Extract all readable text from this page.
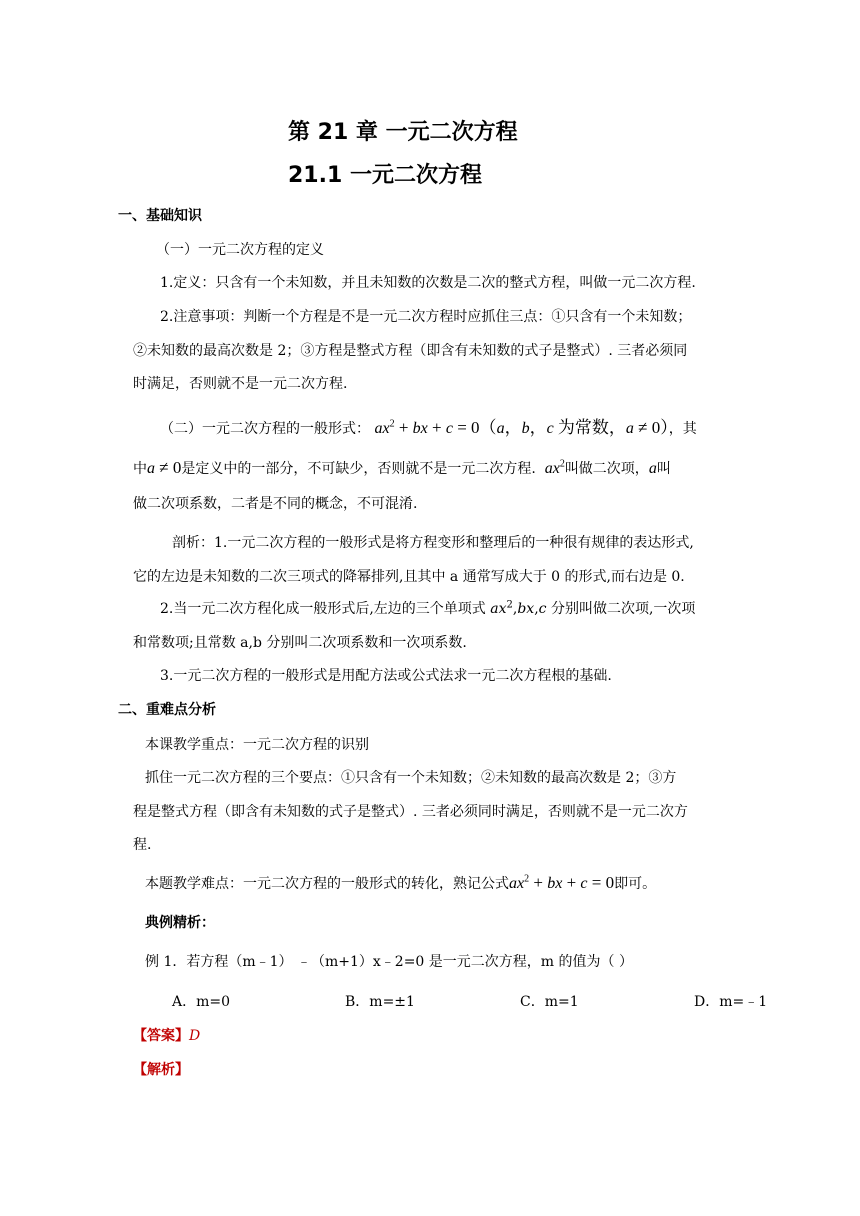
第 21 章 一元二次方程
21.1 一元二次方程
一、基础知识
（一）一元二次方程的定义
1.定义：只含有一个未知数，并且未知数的次数是二次的整式方程，叫做一元二次方程.
2.注意事项：判断一个方程是不是一元二次方程时应抓住三点：①只含有一个未知数；
②未知数的最高次数是 2；③方程是整式方程（即含有未知数的式子是整式）. 三者必须同
时满足，否则就不是一元二次方程.
（二）一元二次方程的一般形式： $ax^2$ + bx + c = 0（a，b，c 为常数，a ≠ 0），其
中a ≠ 0是定义中的一部分，不可缺少，否则就不是一元二次方程. $ax^2$叫做二次项，a叫
做二次项系数，二者是不同的概念，不可混淆.
剖析：1.一元二次方程的一般形式是将方程变形和整理后的一种很有规律的表达形式,
它的左边是未知数的二次三项式的降幂排列,且其中 a 通常写成大于 0 的形式,而右边是 0.
2.当一元二次方程化成一般形式后,左边的三个单项式 $ax^2,bx,c$ 分别叫做二次项,一次项
和常数项;且常数 a,b 分别叫二次项系数和一次项系数.
3.一元二次方程的一般形式是用配方法或公式法求一元二次方程根的基础.
二、重难点分析
本课教学重点：一元二次方程的识别
抓住一元二次方程的三个要点：①只含有一个未知数；②未知数的最高次数是 2；③方
程是整式方程（即含有未知数的式子是整式）. 三者必须同时满足，否则就不是一元二次方
程.
本题教学难点：一元二次方程的一般形式的转化，熟记公式$ax^2$ + bx + c = 0即可。
典例精析：
例 1．若方程（m﹣1） ﹣（m+1）x﹣2=0 是一元二次方程，m 的值为（ ）
A．m=0	B．m=±1	C．m=1	D．m=﹣1
【答案】D
【解析】
